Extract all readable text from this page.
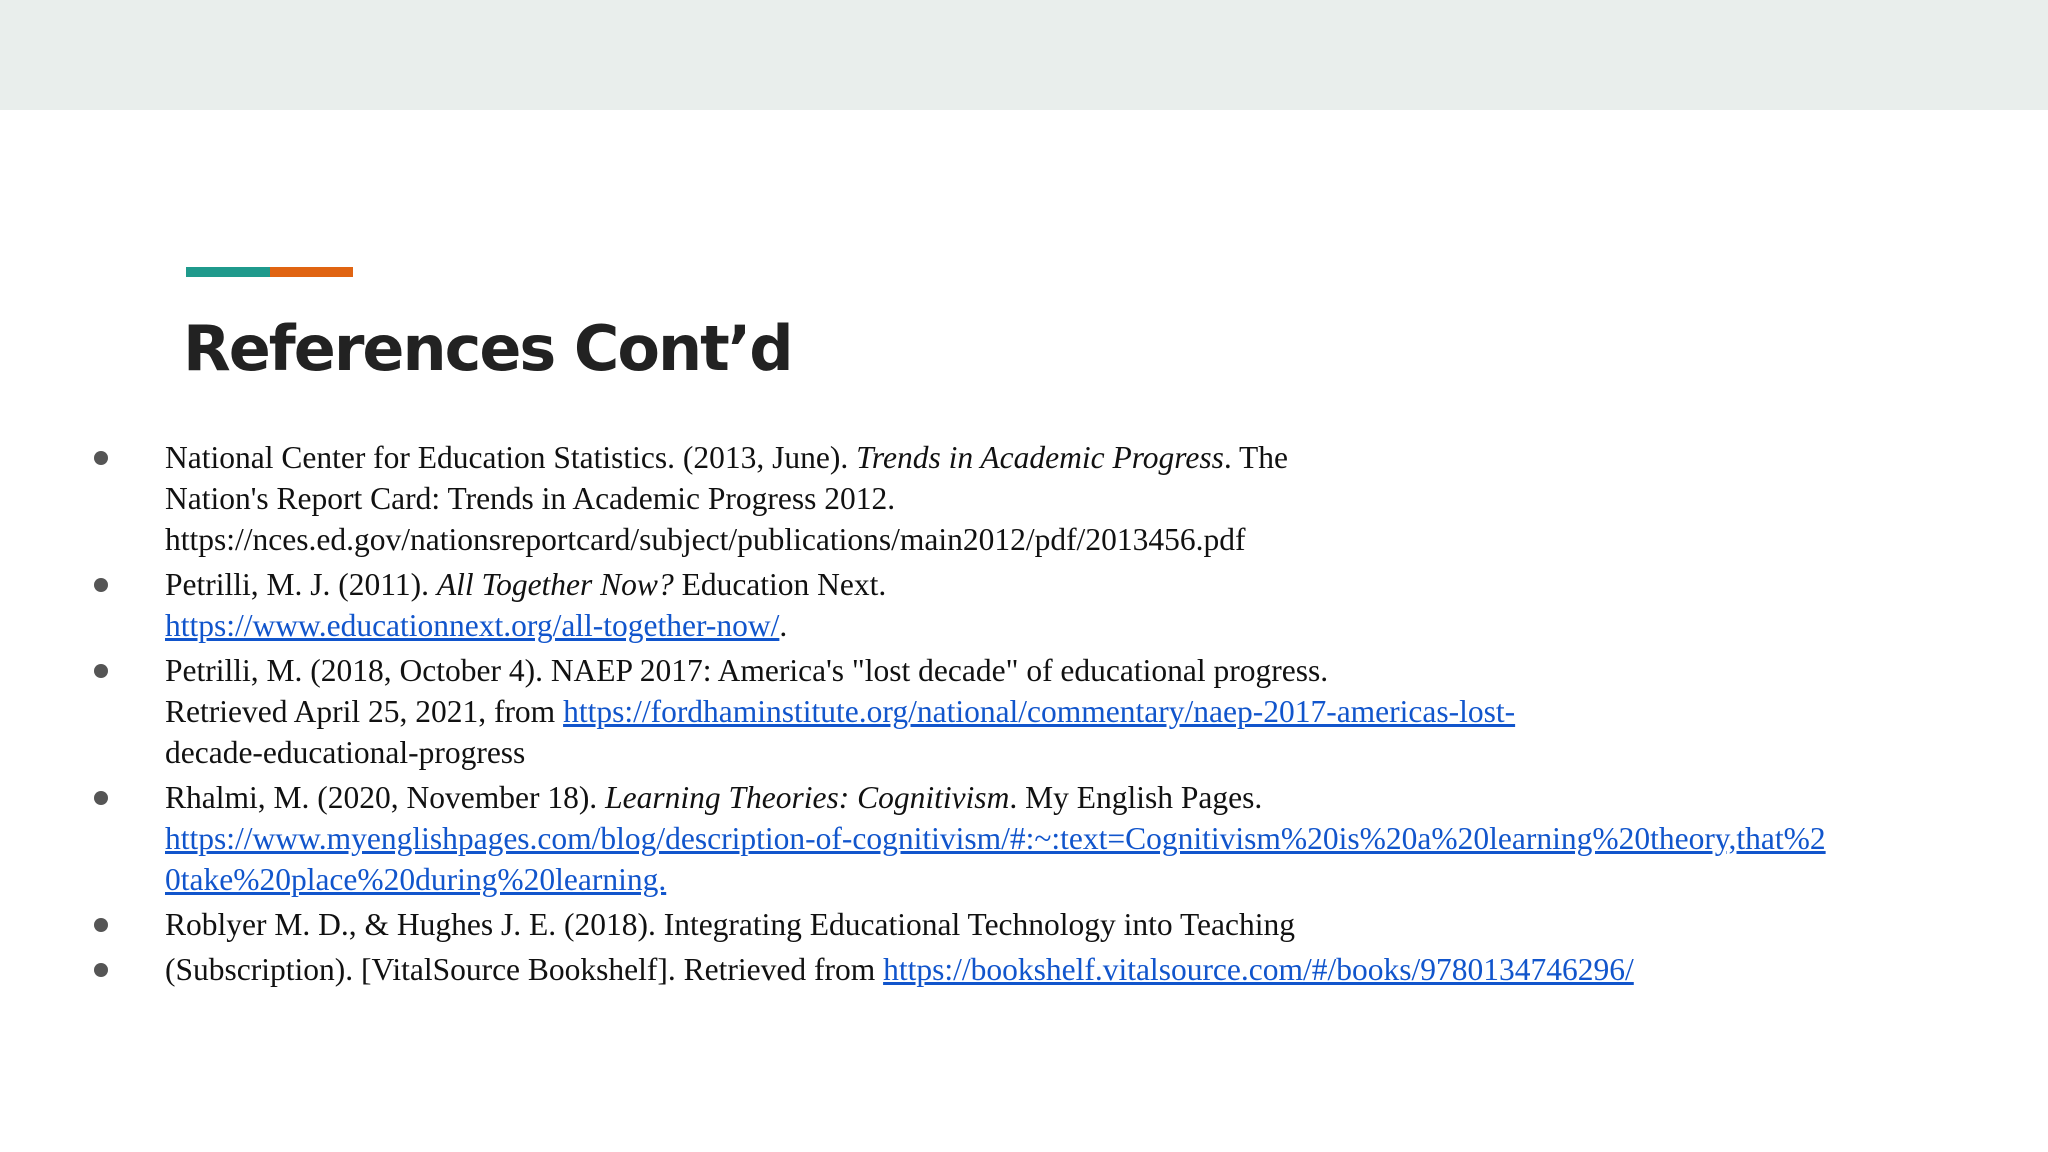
References Cont’d
National Center for Education Statistics. (2013, June). Trends in Academic Progress. The
Nation's Report Card: Trends in Academic Progress 2012.
https://nces.ed.gov/nationsreportcard/subject/publications/main2012/pdf/2013456.pdf
Petrilli, M. J. (2011). All Together Now? Education Next.
https://www.educationnext.org/all-together-now/.
Petrilli, M. (2018, October 4). NAEP 2017: America's "lost decade" of educational progress.
Retrieved April 25, 2021, from https://fordhaminstitute.org/national/commentary/naep-2017-americas-lost-
decade-educational-progress
Rhalmi, M. (2020, November 18). Learning Theories: Cognitivism. My English Pages.
https://www.myenglishpages.com/blog/description-of-cognitivism/#:~:text=Cognitivism%20is%20a%20learning%20theory,that%2
0take%20place%20during%20learning.
Roblyer M. D., & Hughes J. E. (2018). Integrating Educational Technology into Teaching
(Subscription). [VitalSource Bookshelf]. Retrieved from https://bookshelf.vitalsource.com/#/books/9780134746296/
